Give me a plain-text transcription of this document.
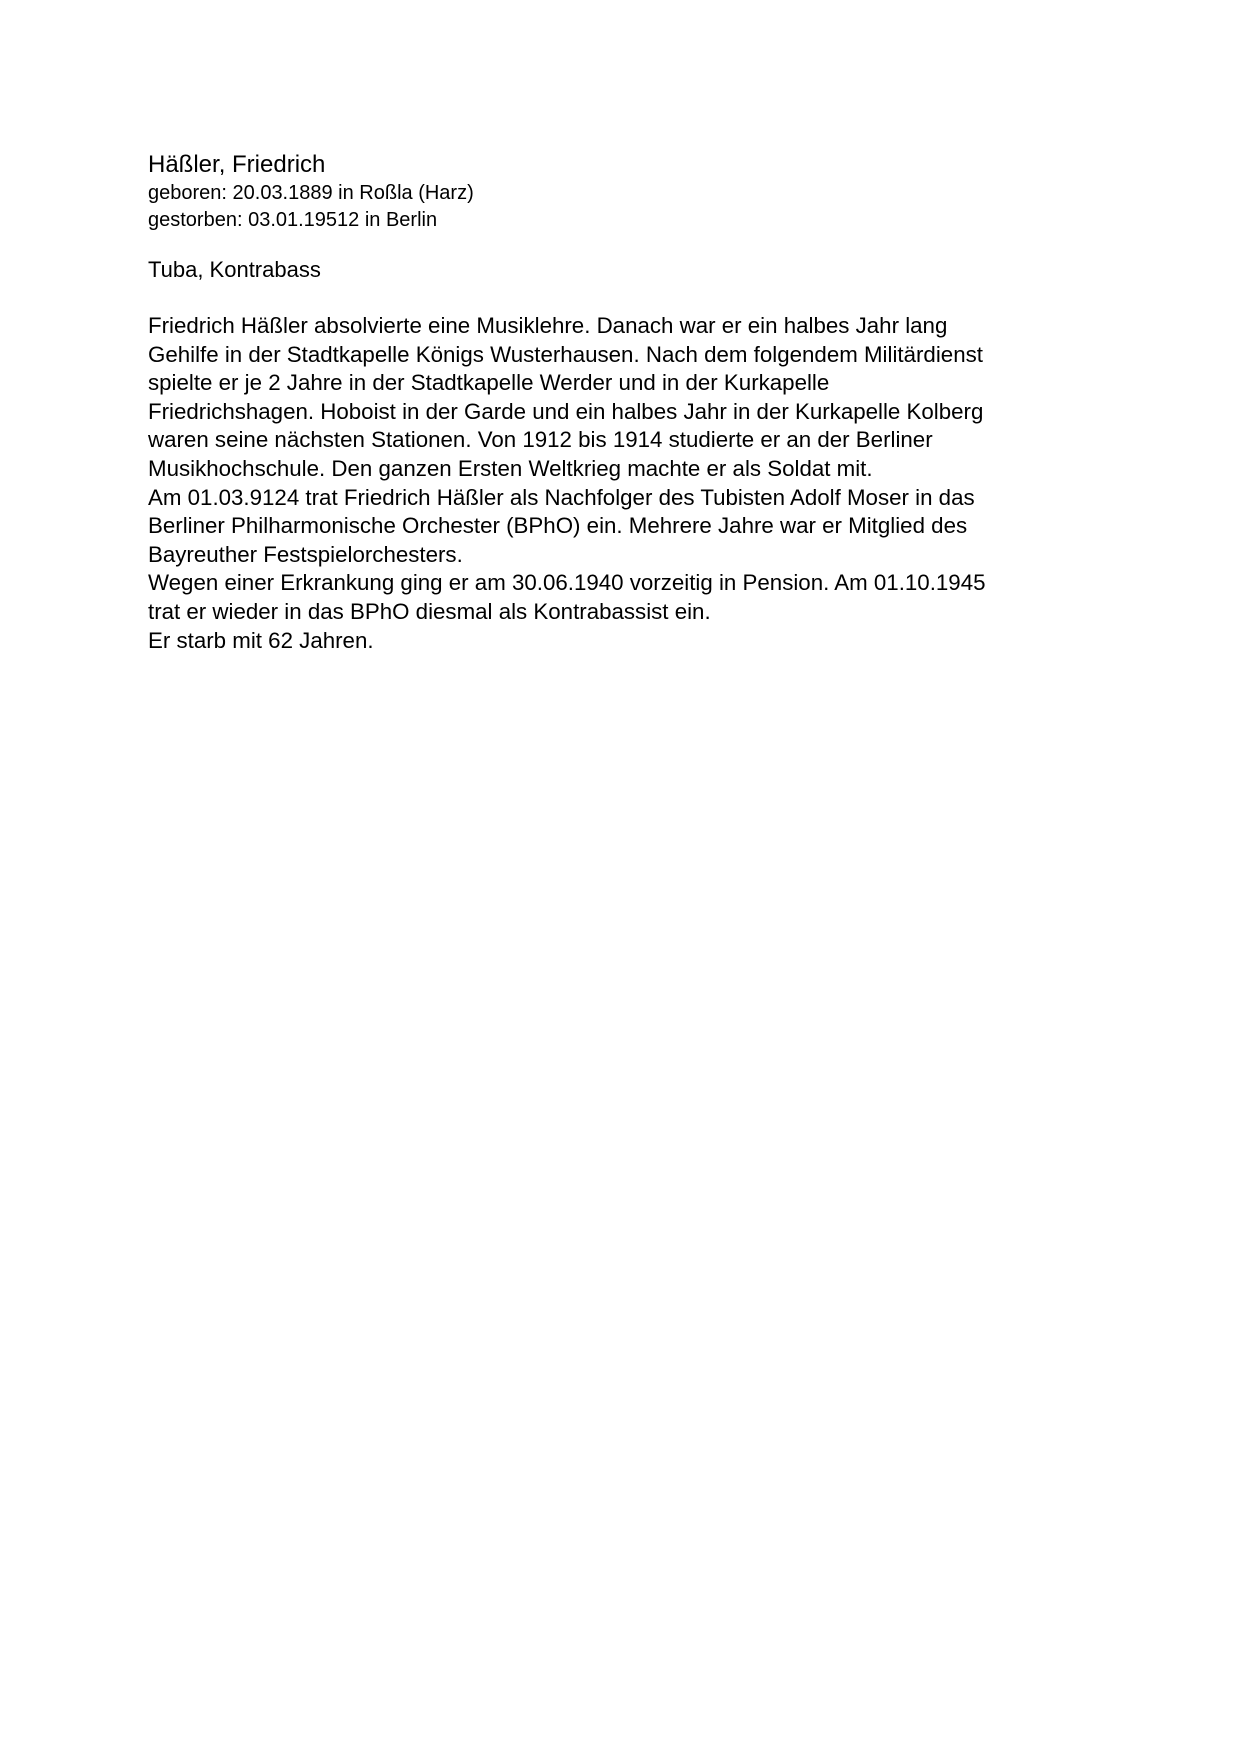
Häßler, Friedrich

geboren: 20.03.1889 in Roßla (Harz)

gestorben: 03.01.19512 in Berlin

Tuba, Kontrabass

Friedrich Häßler absolvierte eine Musiklehre. Danach war er ein halbes Jahr lang

Gehilfe in der Stadtkapelle Königs Wusterhausen. Nach dem folgendem Militärdienst

spielte er je 2 Jahre in der Stadtkapelle Werder und in der Kurkapelle

Friedrichshagen. Hoboist in der Garde und ein halbes Jahr in der Kurkapelle Kolberg

waren seine nächsten Stationen. Von 1912 bis 1914 studierte er an der Berliner

Musikhochschule. Den ganzen Ersten Weltkrieg machte er als Soldat mit.

Am 01.03.9124 trat Friedrich Häßler als Nachfolger des Tubisten Adolf Moser in das

Berliner Philharmonische Orchester (BPhO) ein. Mehrere Jahre war er Mitglied des

Bayreuther Festspielorchesters.

Wegen einer Erkrankung ging er am 30.06.1940 vorzeitig in Pension. Am 01.10.1945

trat er wieder in das BPhO diesmal als Kontrabassist ein.

Er starb mit 62 Jahren.
